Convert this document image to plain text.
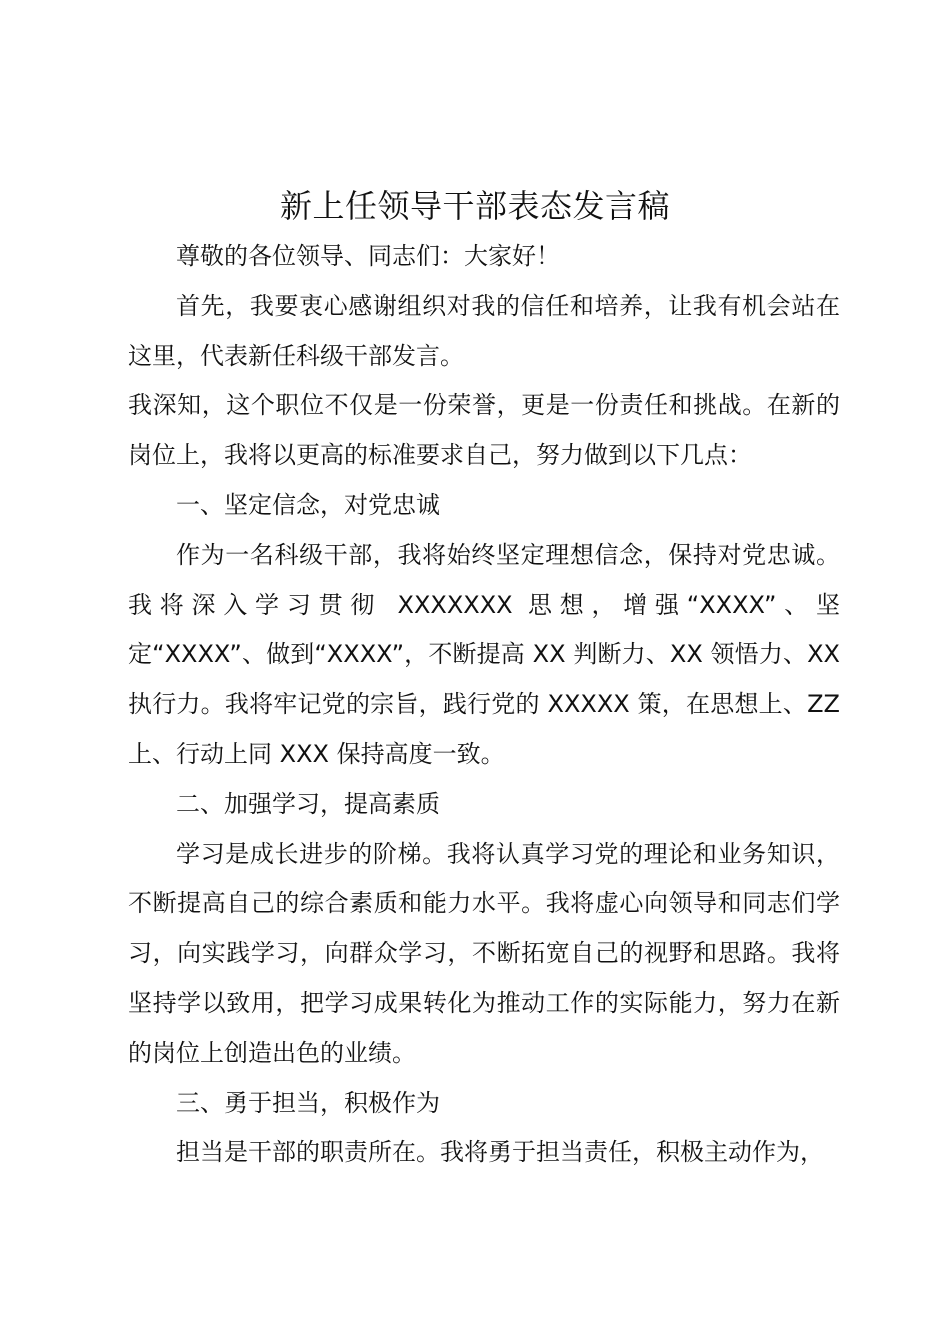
新上任领导干部表态发言稿

尊敬的各位领导、同志们：大家好！

首先，我要衷心感谢组织对我的信任和培养，让我有机会站在这里，代表新任科级干部发言。

我深知，这个职位不仅是一份荣誉，更是一份责任和挑战。在新的岗位上，我将以更高的标准要求自己，努力做到以下几点：

一、坚定信念，对党忠诚

作为一名科级干部，我将始终坚定理想信念，保持对党忠诚。我将深入学习贯彻 XXXXXXX 思想，增强“XXXX”、坚定“XXXX”、做到“XXXX”，不断提高 XX 判断力、XX 领悟力、XX 执行力。我将牢记党的宗旨，践行党的 XXXXX 策，在思想上、ZZ 上、行动上同 XXX 保持高度一致。

二、加强学习，提高素质

学习是成长进步的阶梯。我将认真学习党的理论和业务知识，不断提高自己的综合素质和能力水平。我将虚心向领导和同志们学习，向实践学习，向群众学习，不断拓宽自己的视野和思路。我将坚持学以致用，把学习成果转化为推动工作的实际能力，努力在新的岗位上创造出色的业绩。

三、勇于担当，积极作为

担当是干部的职责所在。我将勇于担当责任，积极主动作为，
